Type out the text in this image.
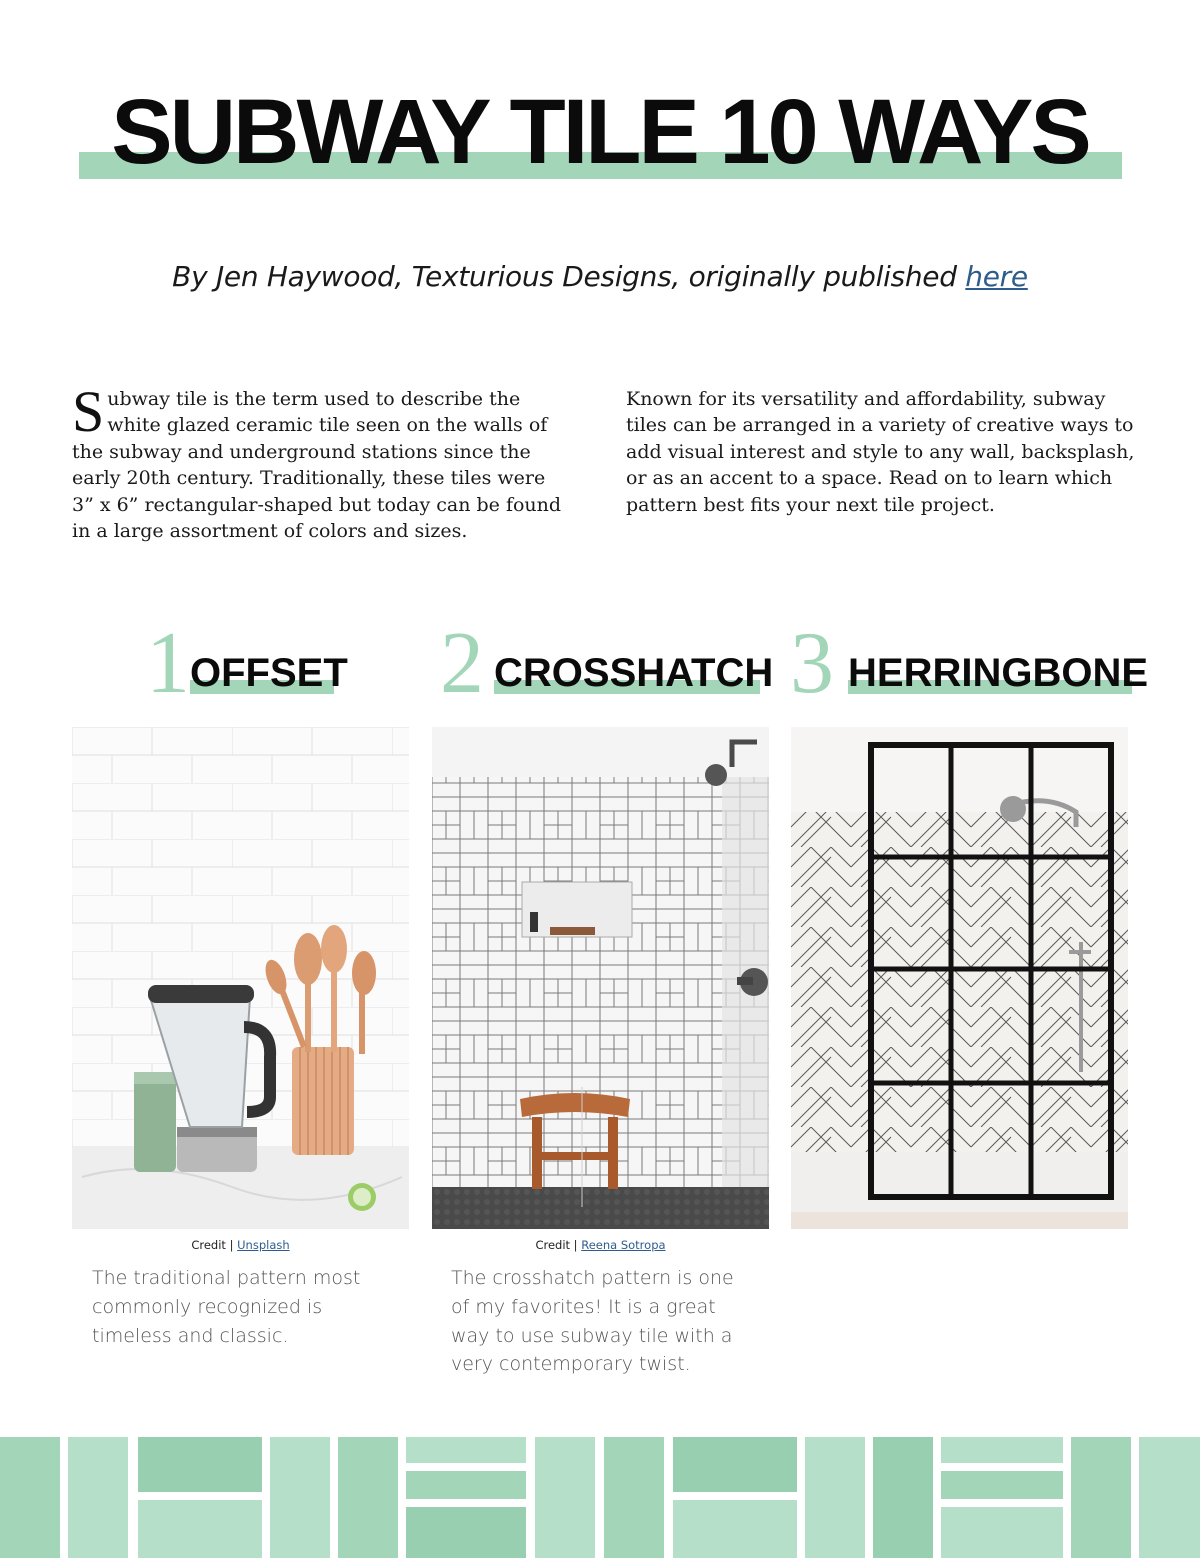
SUBWAY TILE 10 WAYS
By Jen Haywood, Texturious Designs, originally published here
Subway tile is the term used to describe the white glazed ceramic tile seen on the walls of the subway and underground stations since the early 20th century. Traditionally, these tiles were 3” x 6” rectangular-shaped but today can be found in a large assortment of colors and sizes.
Known for its versatility and affordability, subway tiles can be arranged in a variety of creative ways to add visual interest and style to any wall, backsplash, or as an accent to a space. Read on to learn which pattern best fits your next tile project.
1 OFFSET 2 CROSSHATCH 3 HERRINGBONE
Credit | Unsplash	Credit | Reena Sotropa
The traditional pattern most commonly recognized is timeless and classic.
The crosshatch pattern is one of my favorites! It is a great way to use subway tile with a very contemporary twist.
